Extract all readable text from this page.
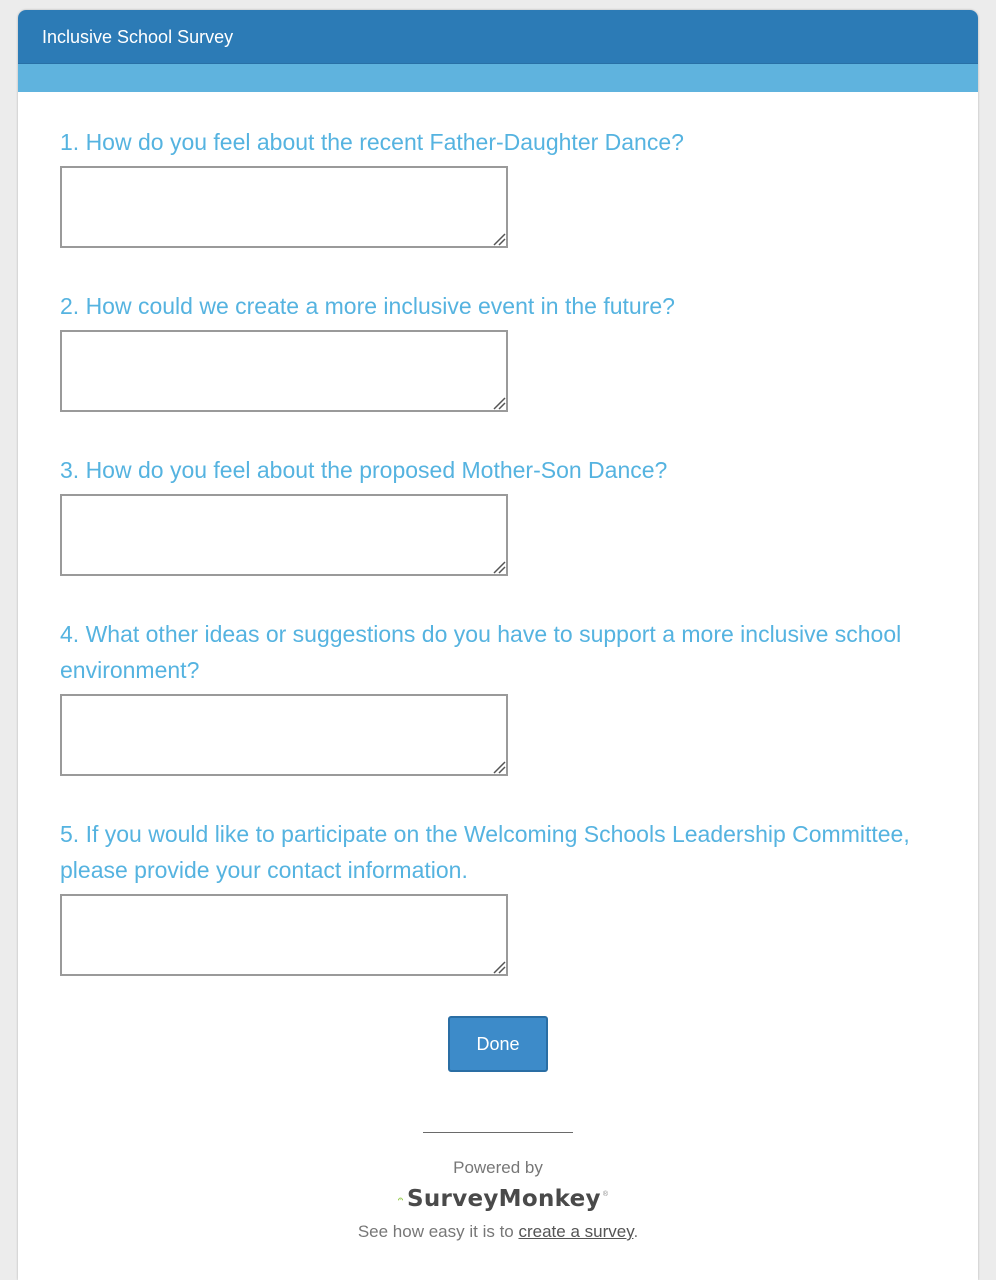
Inclusive School Survey
1. How do you feel about the recent Father-Daughter Dance?
2. How could we create a more inclusive event in the future?
3. How do you feel about the proposed Mother-Son Dance?
4. What other ideas or suggestions do you have to support a more inclusive school environment?
5. If you would like to participate on the Welcoming Schools Leadership Committee, please provide your contact information.
Done
Powered by
SurveyMonkey ®
See how easy it is to create a survey.
